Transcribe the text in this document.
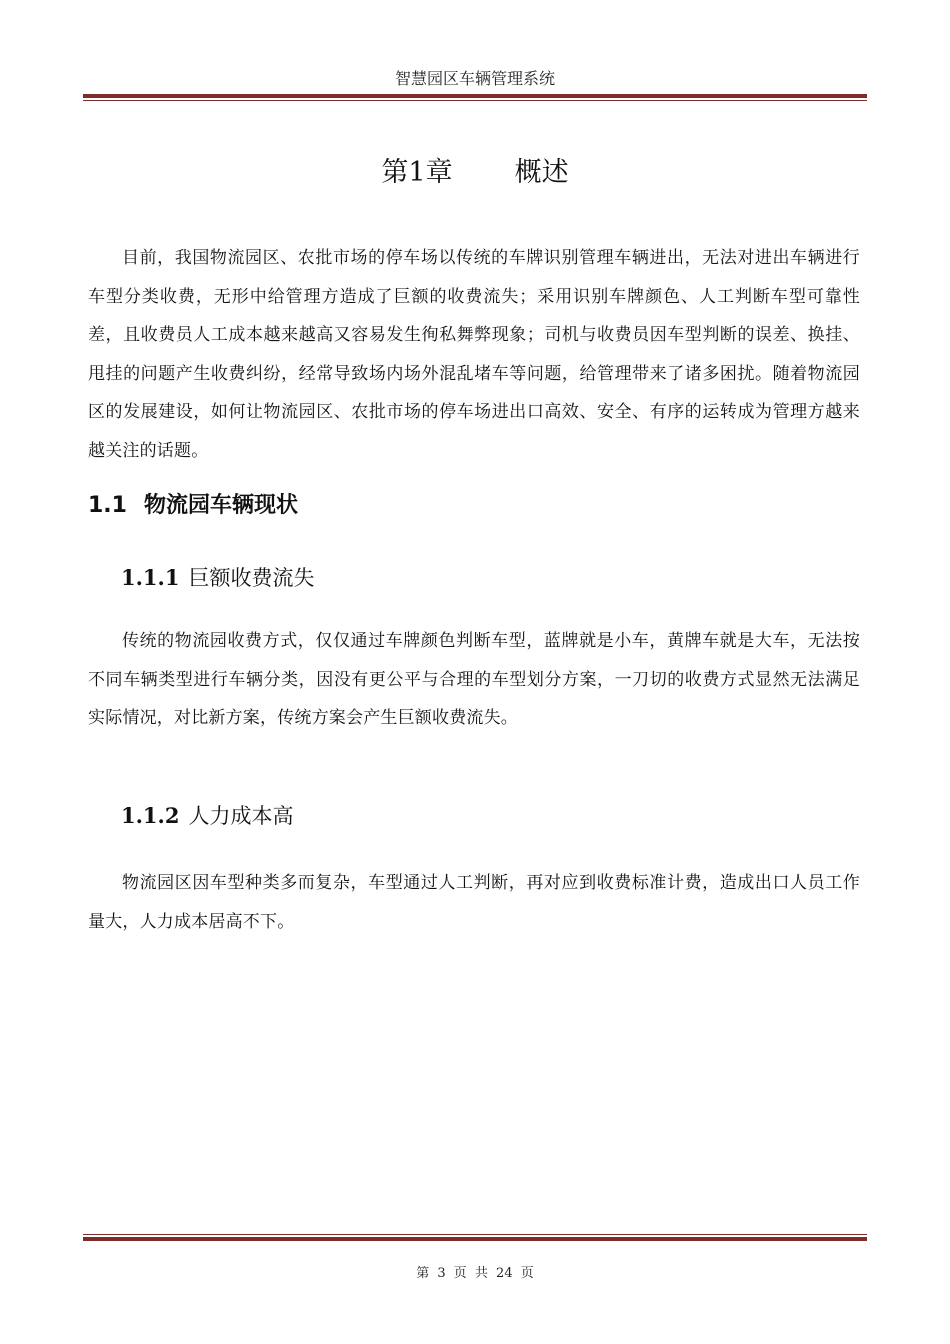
智慧园区车辆管理系统
第1章 概述

目前，我国物流园区、农批市场的停车场以传统的车牌识别管理车辆进出，无法对进出车辆进行车型分类收费，无形中给管理方造成了巨额的收费流失；采用识别车牌颜色、人工判断车型可靠性差，且收费员人工成本越来越高又容易发生徇私舞弊现象；司机与收费员因车型判断的误差、换挂、甩挂的问题产生收费纠纷，经常导致场内场外混乱堵车等问题，给管理带来了诸多困扰。随着物流园区的发展建设，如何让物流园区、农批市场的停车场进出口高效、安全、有序的运转成为管理方越来越关注的话题。

1.1 物流园车辆现状
1.1.1 巨额收费流失

传统的物流园收费方式，仅仅通过车牌颜色判断车型，蓝牌就是小车，黄牌车就是大车，无法按不同车辆类型进行车辆分类，因没有更公平与合理的车型划分方案，一刀切的收费方式显然无法满足实际情况，对比新方案，传统方案会产生巨额收费流失。

1.1.2 人力成本高

物流园区因车型种类多而复杂，车型通过人工判断，再对应到收费标准计费，造成出口人员工作量大，人力成本居高不下。

第 3 页 共 24 页
